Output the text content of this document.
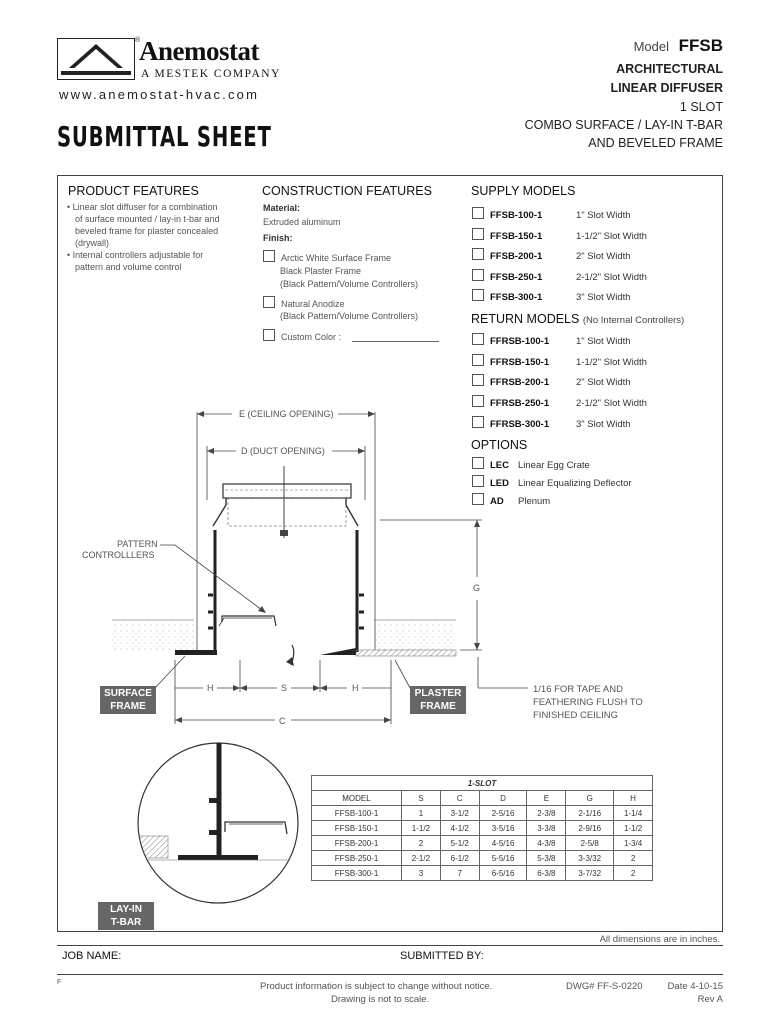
Anemostat
®
A MESTEK COMPANY
www.anemostat-hvac.com
SUBMITTAL SHEET
Model FFSB
ARCHITECTURAL
LINEAR DIFFUSER
1 SLOT
COMBO SURFACE / LAY-IN T-BAR
AND BEVELED FRAME
PRODUCT FEATURES
• Linear slot diffuser for a combination
of surface mounted / lay-in t-bar and
beveled frame for plaster concealed
(drywall)
• Internal controllers adjustable for
pattern and volume control
CONSTRUCTION FEATURES
Material:
Extruded aluminum
Finish:
Arctic White Surface Frame
Black Plaster Frame
(Black Pattern/Volume Controllers)
Natural Anodize
(Black Pattern/Volume Controllers)
Custom Color :
SUPPLY MODELS
FFSB-100-1	1" Slot Width
FFSB-150-1	1-1/2" Slot Width
FFSB-200-1	2" Slot Width
FFSB-250-1	2-1/2" Slot Width
FFSB-300-1	3" Slot Width
RETURN MODELS (No Internal Controllers)
FFRSB-100-1	1" Slot Width
FFRSB-150-1	1-1/2" Slot Width
FFRSB-200-1	2" Slot Width
FFRSB-250-1	2-1/2" Slot Width
FFRSB-300-1	3" Slot Width
OPTIONS
LEC Linear Egg Crate
LED Linear Equalizing Deflector
AD Plenum
E (CEILING OPENING)
D (DUCT OPENING)
PATTERN
CONTROLLLERS
G
H	S	H
C
SURFACE
FRAME
PLASTER
FRAME
1/16 FOR TAPE AND
FEATHERING FLUSH TO
FINISHED CEILING
LAY-IN
T-BAR
1-SLOT						
MODEL	S	C	D	E	G	H
FFSB-100-1	1	3-1/2	2-5/16	2-3/8	2-1/16	1-1/4
FFSB-150-1	1-1/2	4-1/2	3-5/16	3-3/8	2-9/16	1-1/2
FFSB-200-1	2	5-1/2	4-5/16	4-3/8	2-5/8	1-3/4
FFSB-250-1	2-1/2	6-1/2	5-5/16	5-3/8	3-3/32	2
FFSB-300-1	3	7	6-5/16	6-3/8	3-7/32	2
All dimensions are in inches.
JOB NAME:	SUBMITTED BY:
F	Product information is subject to change without notice.
Drawing is not to scale.
DWG# FF-S-0220	Date 4-10-15
Rev A
